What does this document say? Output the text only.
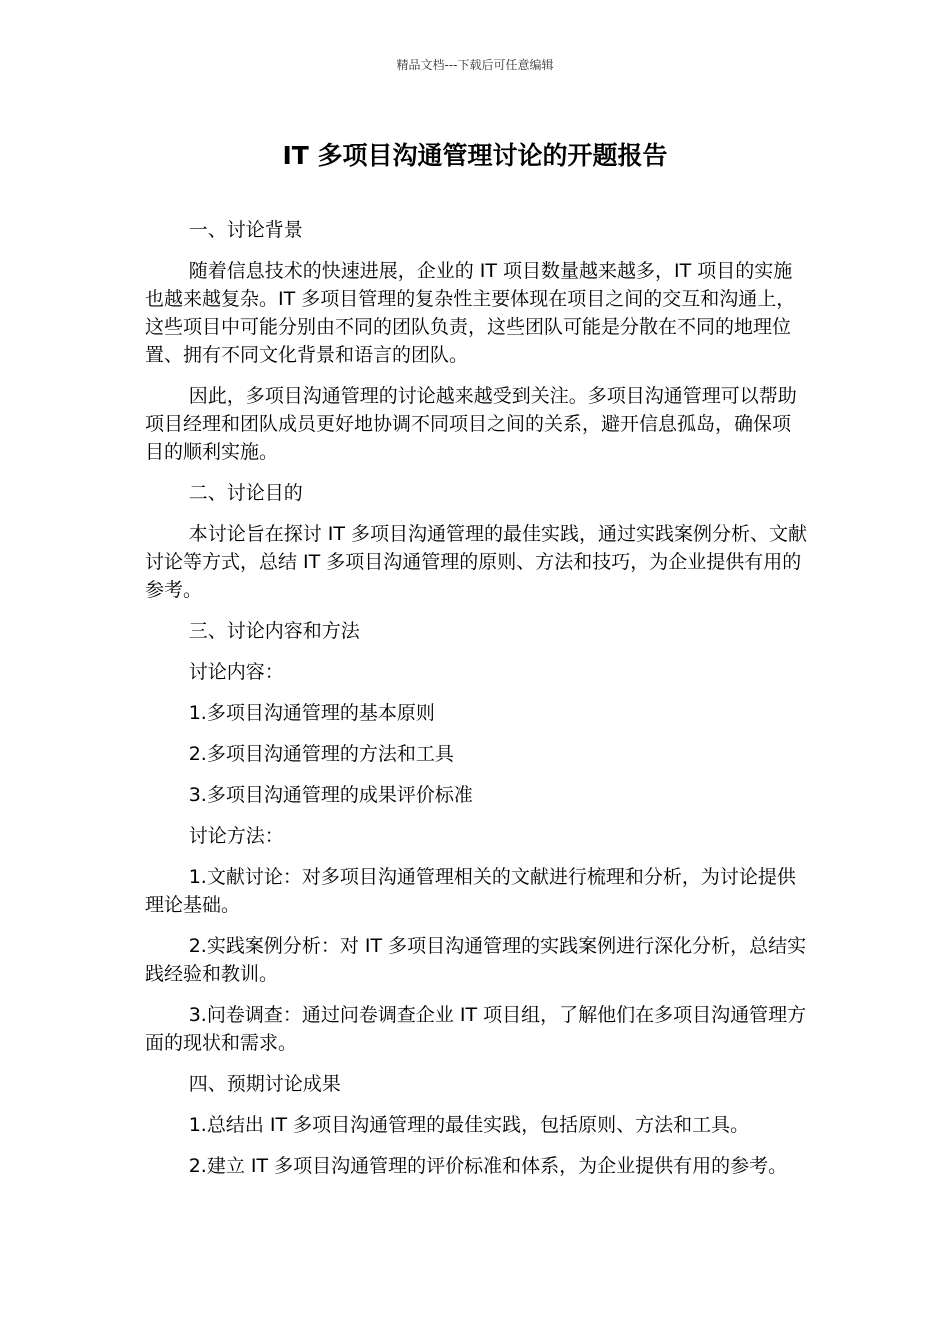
精品文档---下载后可任意编辑
IT 多项目沟通管理讨论的开题报告

一、讨论背景

随着信息技术的快速进展，企业的 IT 项目数量越来越多，IT 项目的实施也越来越复杂。IT 多项目管理的复杂性主要体现在项目之间的交互和沟通上，这些项目中可能分别由不同的团队负责，这些团队可能是分散在不同的地理位置、拥有不同文化背景和语言的团队。

因此，多项目沟通管理的讨论越来越受到关注。多项目沟通管理可以帮助项目经理和团队成员更好地协调不同项目之间的关系，避开信息孤岛，确保项目的顺利实施。

二、讨论目的

本讨论旨在探讨 IT 多项目沟通管理的最佳实践，通过实践案例分析、文献讨论等方式，总结 IT 多项目沟通管理的原则、方法和技巧，为企业提供有用的参考。

三、讨论内容和方法

讨论内容：

1.多项目沟通管理的基本原则

2.多项目沟通管理的方法和工具

3.多项目沟通管理的成果评价标准

讨论方法：

1.文献讨论：对多项目沟通管理相关的文献进行梳理和分析，为讨论提供理论基础。

2.实践案例分析：对 IT 多项目沟通管理的实践案例进行深化分析，总结实践经验和教训。

3.问卷调查：通过问卷调查企业 IT 项目组，了解他们在多项目沟通管理方面的现状和需求。

四、预期讨论成果

1.总结出 IT 多项目沟通管理的最佳实践，包括原则、方法和工具。

2.建立 IT 多项目沟通管理的评价标准和体系，为企业提供有用的参考。
